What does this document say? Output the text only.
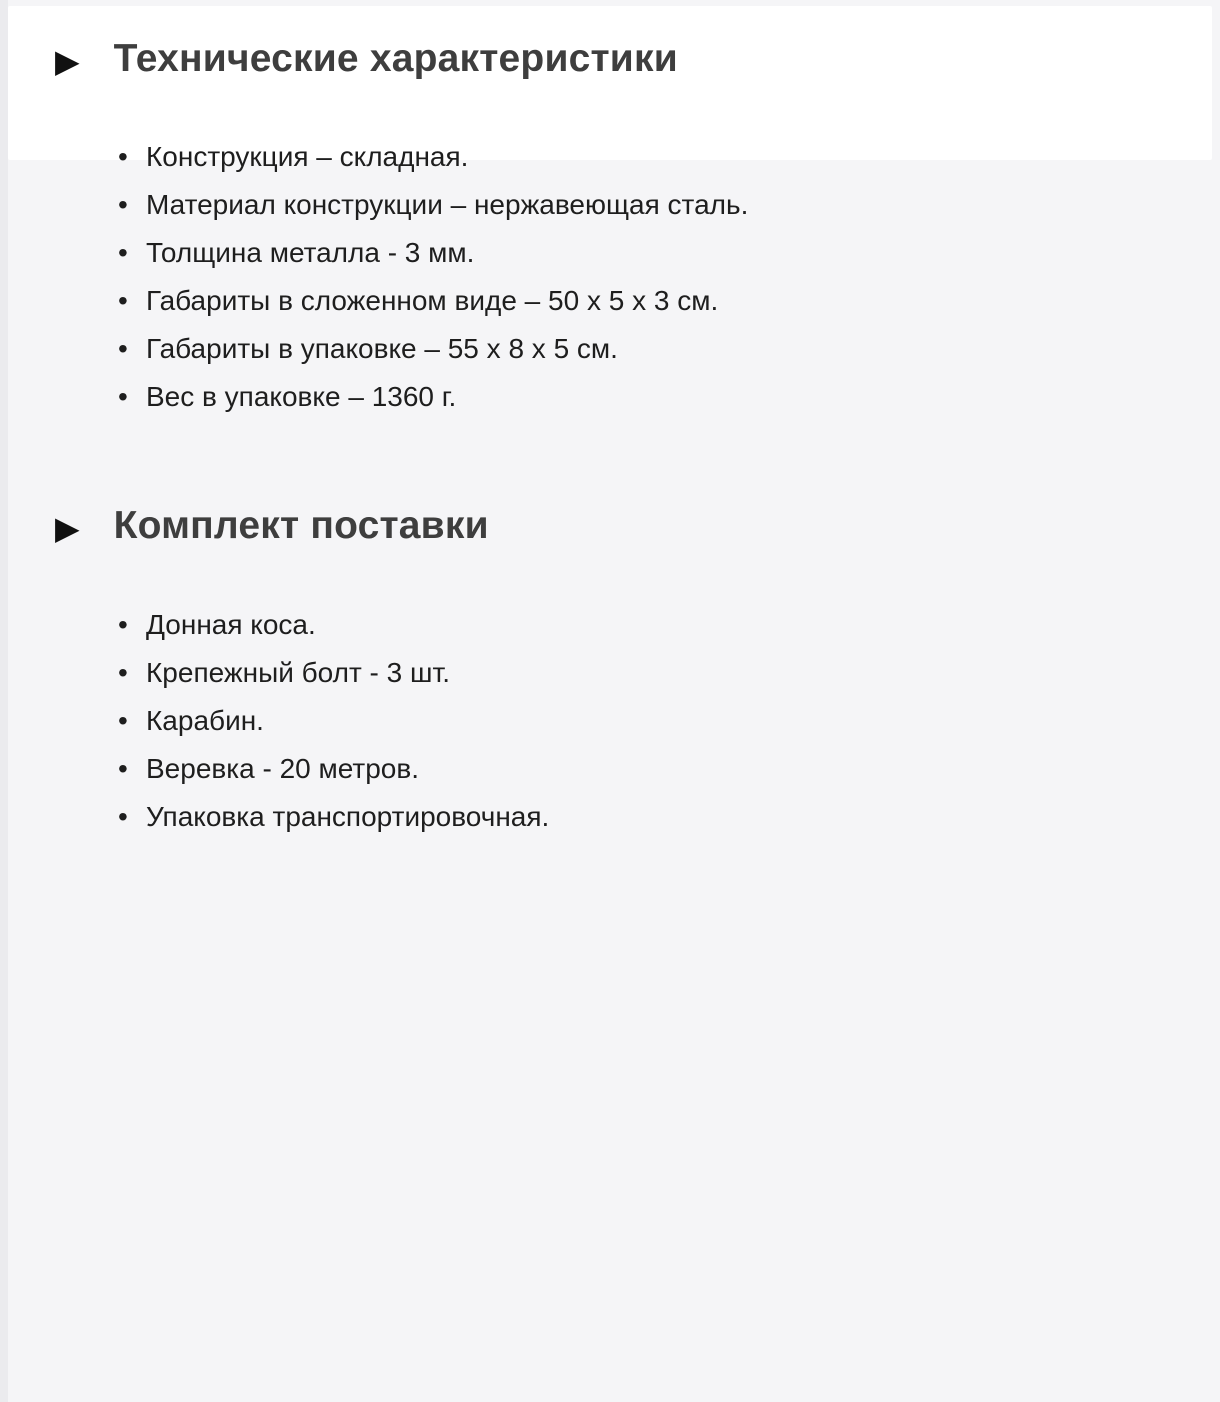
▶ Технические характеристики
• Конструкция – складная.
• Материал конструкции – нержавеющая сталь.
• Толщина металла - 3 мм.
• Габариты в сложенном виде – 50 х 5 х 3 см.
• Габариты в упаковке – 55 х 8 х 5 см.
• Вес в упаковке – 1360 г.
▶ Комплект поставки
• Донная коса.
• Крепежный болт - 3 шт.
• Карабин.
• Веревка - 20 метров.
• Упаковка транспортировочная.
